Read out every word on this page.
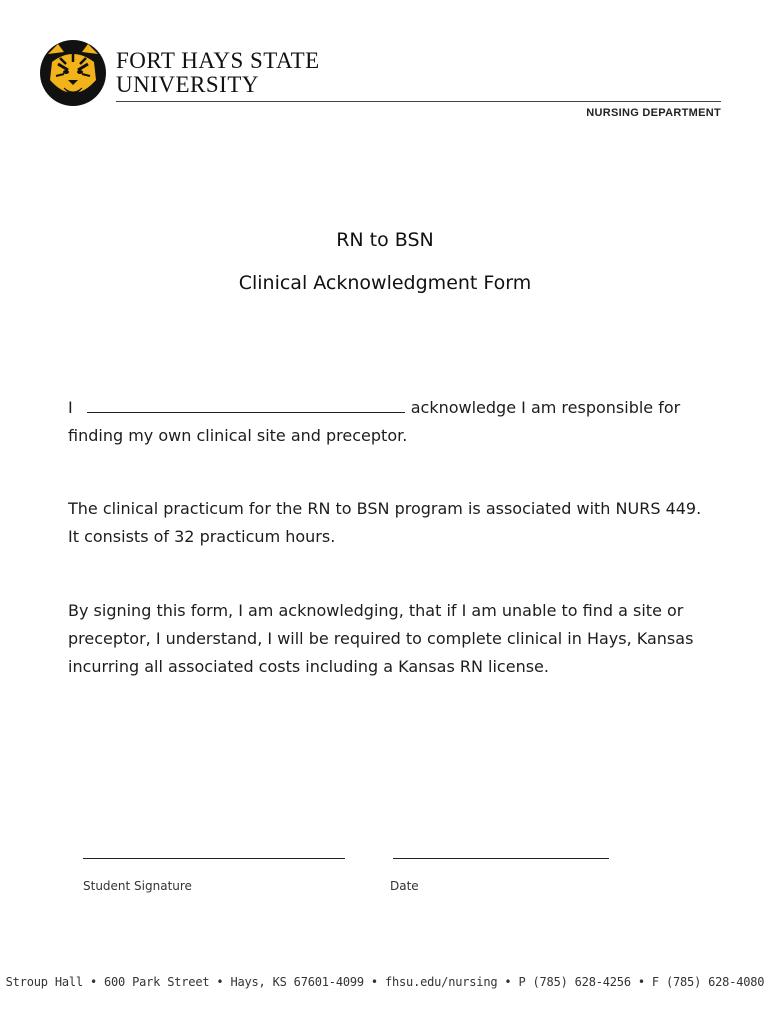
FORT HAYS STATE
UNIVERSITY
NURSING DEPARTMENT
RN to BSN
Clinical Acknowledgment Form
I	acknowledge I am responsible for
finding my own clinical site and preceptor.
The clinical practicum for the RN to BSN program is associated with NURS 449.
It consists of 32 practicum hours.
By signing this form, I am acknowledging, that if I am unable to find a site or
preceptor, I understand, I will be required to complete clinical in Hays, Kansas
incurring all associated costs including a Kansas RN license.
Student Signature	Date
Stroup Hall • 600 Park Street • Hays, KS 67601-4099 • fhsu.edu/nursing • P (785) 628-4256 • F (785) 628-4080
